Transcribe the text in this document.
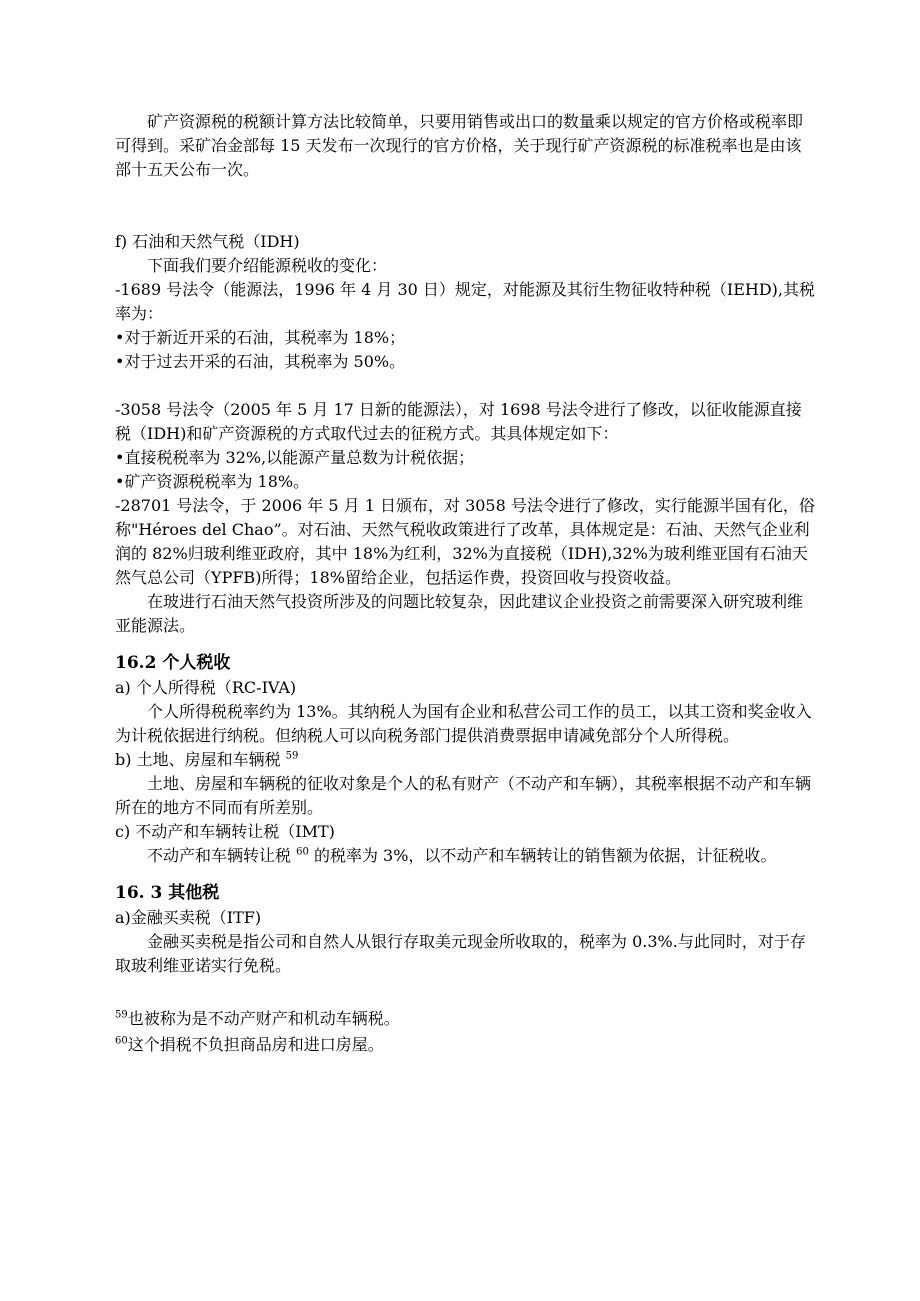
矿产资源税的税额计算方法比较简单，只要用销售或出口的数量乘以规定的官方价格或税率即可得到。采矿冶金部每 15 天发布一次现行的官方价格，关于现行矿产资源税的标准税率也是由该部十五天公布一次。

f) 石油和天然气税（IDH)

下面我们要介绍能源税收的变化：

-1689 号法令（能源法，1996 年 4 月 30 日）规定，对能源及其衍生物征收特种税（IEHD),其税率为：

•对于新近开采的石油，其税率为 18%；

•对于过去开采的石油，其税率为 50%。

-3058 号法令（2005 年 5 月 17 日新的能源法），对 1698 号法令进行了修改，以征收能源直接税（IDH)和矿产资源税的方式取代过去的征税方式。其具体规定如下：

•直接税税率为 32%,以能源产量总数为计税依据；

•矿产资源税税率为 18%。

-28701 号法令，于 2006 年 5 月 1 日颁布，对 3058 号法令进行了修改，实行能源半国有化，俗称"Héroes del Chao”。对石油、天然气税收政策进行了改革，具体规定是：石油、天然气企业利润的 82%归玻利维亚政府，其中 18%为红利，32%为直接税（IDH),32%为玻利维亚国有石油天然气总公司（YPFB)所得；18%留给企业，包括运作费，投资回收与投资收益。

在玻进行石油天然气投资所涉及的问题比较复杂，因此建议企业投资之前需要深入研究玻利维亚能源法。

16.2 个人税收

a) 个人所得税（RC-IVA)

个人所得税税率约为 13%。其纳税人为国有企业和私营公司工作的员工，以其工资和奖金收入为计税依据进行纳税。但纳税人可以向税务部门提供消费票据申请减免部分个人所得税。

b) 土地、房屋和车辆税 $^{59}$

土地、房屋和车辆税的征收对象是个人的私有财产（不动产和车辆），其税率根据不动产和车辆所在的地方不同而有所差别。

c) 不动产和车辆转让税（IMT)

不动产和车辆转让税 $^{60}$ 的税率为 3%，以不动产和车辆转让的销售额为依据，计征税收。

16. 3 其他税

a)金融买卖税（ITF)

金融买卖税是指公司和自然人从银行存取美元现金所收取的，税率为 0.3%.与此同时，对于存取玻利维亚诺实行免税。

$^{59}$也被称为是不动产财产和机动车辆税。

$^{60}$这个捐税不负担商品房和进口房屋。
